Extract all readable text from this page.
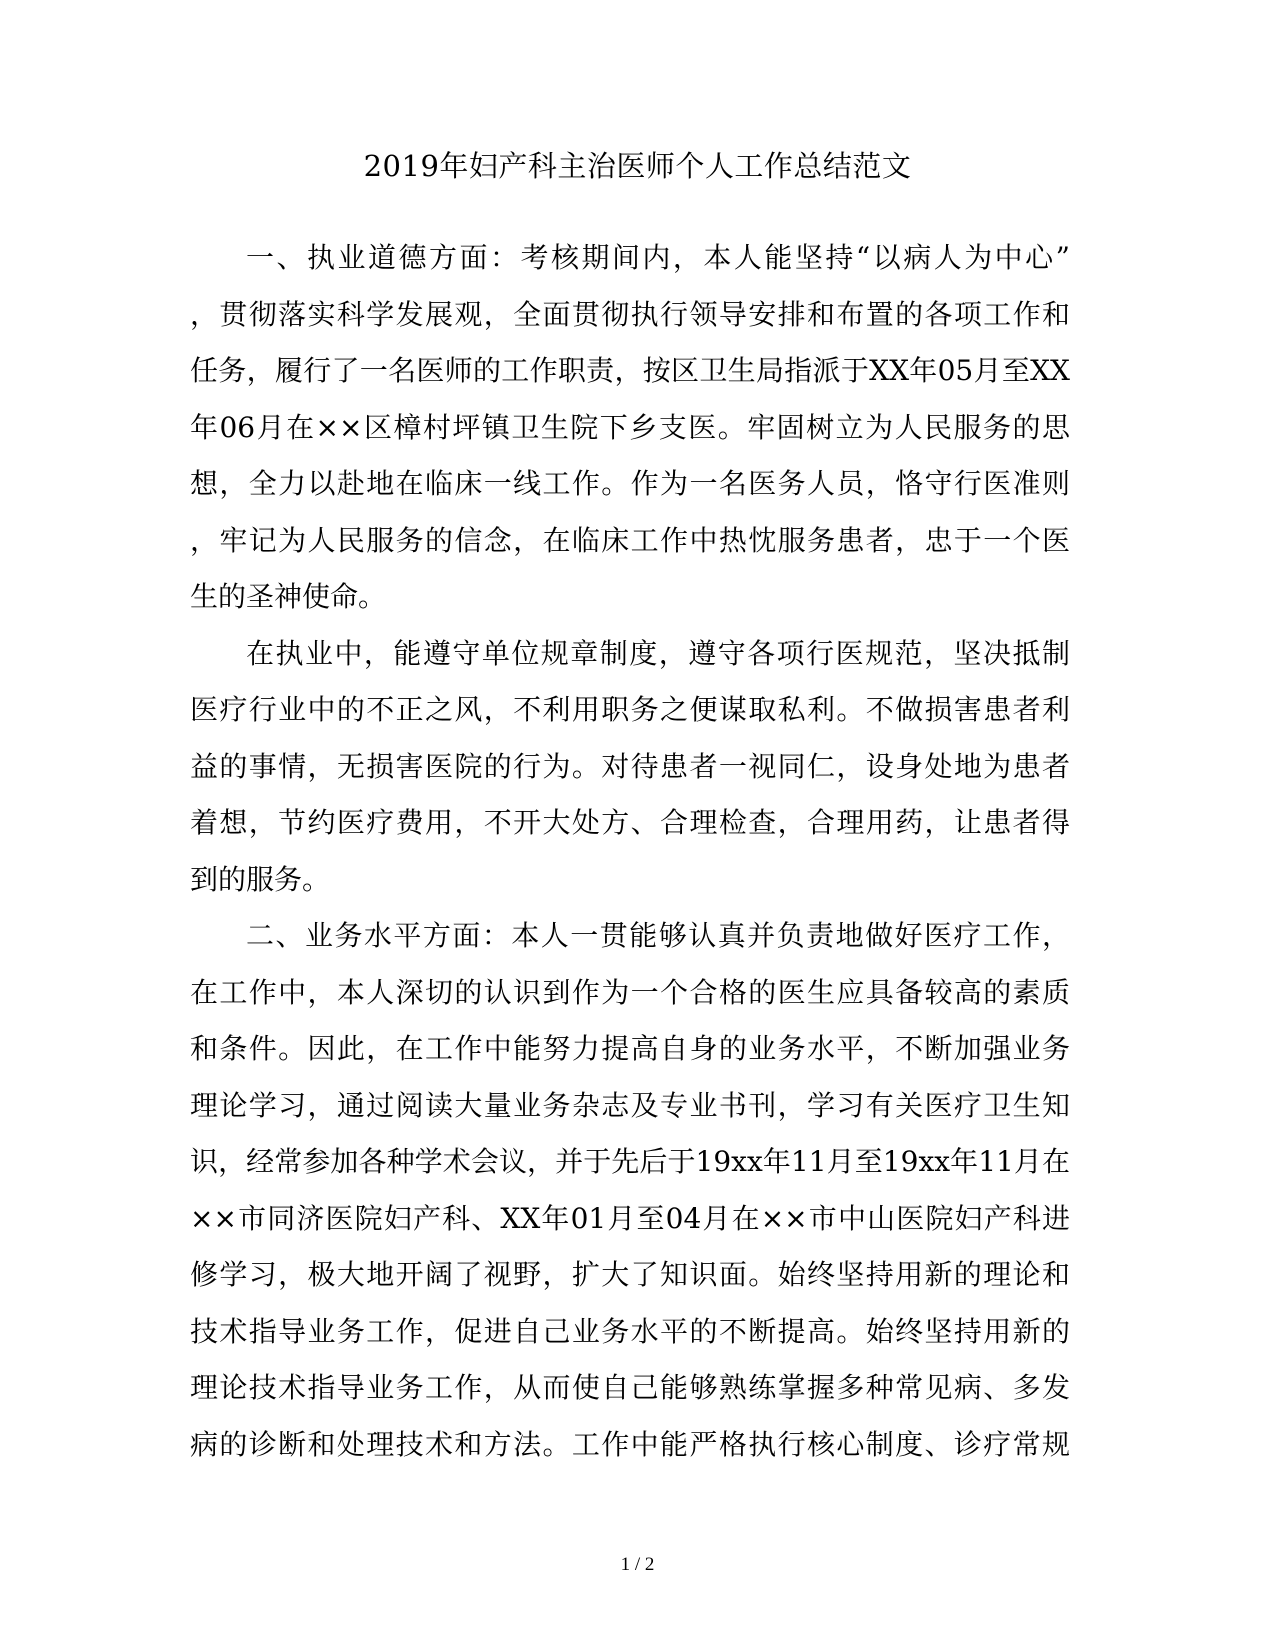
2019年妇产科主治医师个人工作总结范文
一、执业道德方面：考核期间内，本人能坚持“以病人为中心”
，贯彻落实科学发展观，全面贯彻执行领导安排和布置的各项工作和
任务，履行了一名医师的工作职责，按区卫生局指派于XX年05月至XX
年06月在××区樟村坪镇卫生院下乡支医。牢固树立为人民服务的思
想，全力以赴地在临床一线工作。作为一名医务人员，恪守行医准则
，牢记为人民服务的信念，在临床工作中热忱服务患者，忠于一个医
生的圣神使命。
在执业中，能遵守单位规章制度，遵守各项行医规范，坚决抵制
医疗行业中的不正之风，不利用职务之便谋取私利。不做损害患者利
益的事情，无损害医院的行为。对待患者一视同仁，设身处地为患者
着想，节约医疗费用，不开大处方、合理检查，合理用药，让患者得
到的服务。
二、业务水平方面：本人一贯能够认真并负责地做好医疗工作，
在工作中，本人深切的认识到作为一个合格的医生应具备较高的素质
和条件。因此，在工作中能努力提高自身的业务水平，不断加强业务
理论学习，通过阅读大量业务杂志及专业书刊，学习有关医疗卫生知
识，经常参加各种学术会议，并于先后于19xx年11月至19xx年11月在
××市同济医院妇产科、XX年01月至04月在××市中山医院妇产科进
修学习，极大地开阔了视野，扩大了知识面。始终坚持用新的理论和
技术指导业务工作，促进自己业务水平的不断提高。始终坚持用新的
理论技术指导业务工作，从而使自己能够熟练掌握多种常见病、多发
病的诊断和处理技术和方法。工作中能严格执行核心制度、诊疗常规
1 / 2
